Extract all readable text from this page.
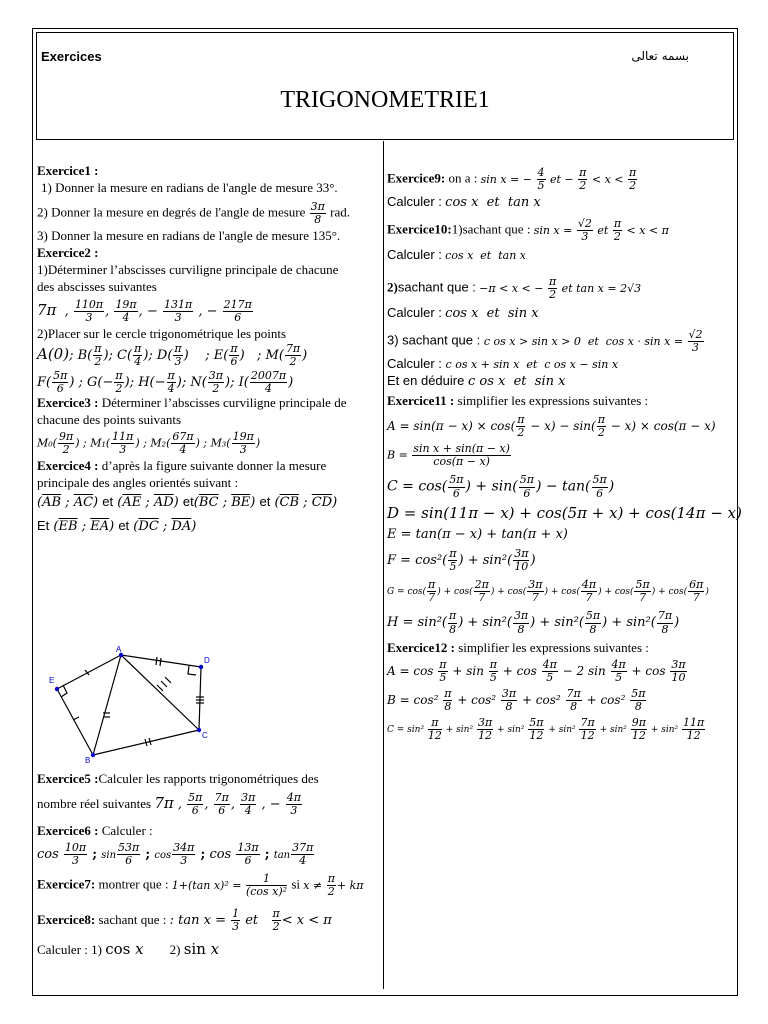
Exercices	بسمه تعالى
TRIGONOMETRIE1
Exercice1 :
1) Donner la mesure en radians de l'angle de mesure 33°.
2) Donner la mesure en degrés de l'angle de mesure $\frac{3\pi}{8}$ rad.
3) Donner la mesure en radians de l'angle de mesure 135°.
Exercice2 :
1)Déterminer l’abscisses curviligne principale de chacune
des abscisses suivantes
7π  , $\frac{110\pi}{3}$ , $\frac{19\pi}{4}$ , − $\frac{131\pi}{3}$ , − $\frac{217\pi}{6}$
2)Placer sur le cercle trigonométrique les points
A(0); $B( \frac{\pi}{2}$ ); $C( \frac{\pi}{4}$ ); $D( \frac{\pi}{3}$ )    ; $E( \frac{\pi}{6}$ )   ; $M( \frac{7\pi}{2}$ )
$F( \frac{5\pi}{6}$ ) ; $G(- \frac{\pi}{2}$ ); $H(- \frac{\pi}{4}$ ); $N( \frac{3\pi}{2}$ ); $I( \frac{2007\pi}{4}$ )
Exercice3 : Déterminer l’abscisses curviligne principale de
chacune des points suivants
$M_0( \frac{9\pi}{2}$ ) ; $M_1( \frac{11\pi}{3}$ ) ; $M_2( \frac{67\pi}{4}$ ) ; $M_3( \frac{19\pi}{3}$ )
Exercice4 : d’après la figure suivante donner la mesure
principale des angles orientés suivant :
($\overline{AB}$ ; $\overline{AC}$) et ($\overline{AE}$ ; $\overline{AD}$) $et(\overline{BC}$ ; $\overline{BE}$) et ($\overline{CB}$ ; $\overline{CD}$)
Et ($\overline{EB}$ ; $\overline{EA}$) et ($\overline{DC}$ ; $\overline{DA}$)
A
D
C
B
E
Exercice5 :Calculer les rapports trigonométriques des
nombre réel suivantes 7π , $\frac{5\pi}{6}$ , $\frac{7\pi}{6}$ , $\frac{3\pi}{4}$ , − $\frac{4\pi}{3}$
Exercice6 : Calculer :
$\cos \frac{10\pi}{3}$ ; $\sin \frac{53\pi}{6}$ ; $\cos \frac{34\pi}{3}$ ; $\cos \frac{13\pi}{6}$ ; $\tan \frac{37\pi}{4}$
Exercice7: montrer que : 1+(tan $x)^2 = \frac{1}{\text{(cos x)²}}$ si $x \ne \frac{\pi}{2} + k\pi$
Exercice8: sachant que : : $\tan x = \frac{1}{3}$ et $\frac{\pi}{2} < x < \pi$
Calculer : 1) cos x 2) sin x
Exercice9: on a : sin x = − $\frac{4}{5}$ et − $\frac{\pi}{2} < x < \frac{\pi}{2}$
Calculer : cos x  et  tan x
Exercice10:1)sachant que : $\sin x = \frac{√2}{3}$ et $\frac{\pi}{2} < x < \pi$
Calculer : cos x  et  tan x
2)sachant que : −π < x < − $\frac{\pi}{2}$ et tan x = 2√3
Calculer : cos x  et  sin x
3) sachant que : c os x > sin x > 0  et  $\cos x \cdot \sin x = \frac{√2}{3}$
Calculer : c os x + sin x  et  c os x − sin x
Et en déduire c os x  et  sin x
Exercice11 : simplifier les expressions suivantes :
$A = \sin(\pi - x) \times \cos( \frac{\pi}{2} - x) - \sin( \frac{\pi}{2} - x) \times \cos(\pi - x)$
$B = \frac{\text{sin x + sin(π − x)}}{\cos(\pi - x)}$
$C = \cos( \frac{5\pi}{6}$ ) + $\sin( \frac{5\pi}{6}$ ) − $\tan( \frac{5\pi}{6}$ )
D = sin(11π − x) + cos(5π + x) + cos(14π − x)
E = tan(π − x) + tan(π + x)
$F = \cos^2( \frac{\pi}{5}$ ) + $\sin^2( \frac{3\pi}{10}$ )
$G = \cos( \frac{\pi}{7}$ ) + $\cos( \frac{2\pi}{7}$ ) + $\cos( \frac{3\pi}{7}$ ) + $\cos( \frac{4\pi}{7}$ ) + $\cos( \frac{5\pi}{7}$ ) + $\cos( \frac{6\pi}{7}$ )
$H = \sin^2( \frac{\pi}{8}$ ) + $\sin^2( \frac{3\pi}{8}$ ) + $\sin^2( \frac{5\pi}{8}$ ) + $\sin^2( \frac{7\pi}{8}$ )
Exercice12 : simplifier les expressions suivantes :
$A = \cos \frac{\pi}{5} + \sin \frac{\pi}{5} + \cos \frac{4\pi}{5} - 2$ $\sin \frac{4\pi}{5} + \cos \frac{3\pi}{10}$
$B = \cos^2 \frac{\pi}{8} + \cos^2 \frac{3\pi}{8} + \cos^2 \frac{7\pi}{8} + \cos^2 \frac{5\pi}{8}$
$C = \sin^2 \frac{\pi}{12} + \sin^2 \frac{3\pi}{12} + \sin^2 \frac{5\pi}{12} + \sin^2 \frac{7\pi}{12} + \sin^2 \frac{9\pi}{12} + \sin^2 \frac{11\pi}{12}$
